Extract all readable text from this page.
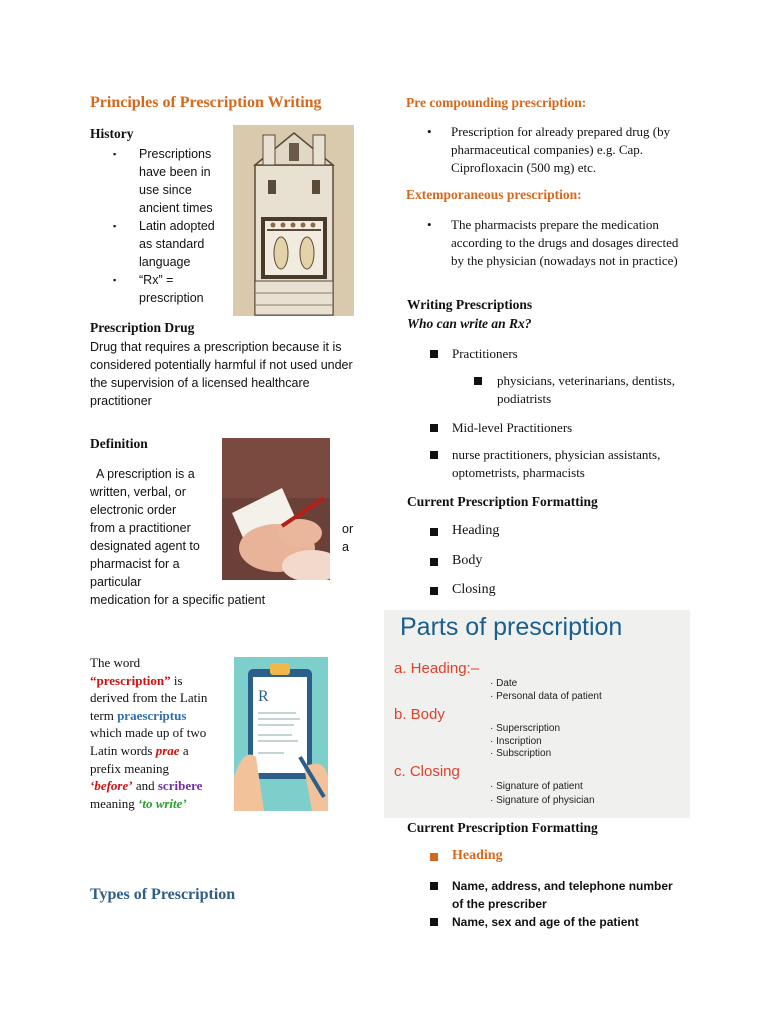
Principles of Prescription Writing
History
▪ Prescriptions have been in use since ancient times
▪ Latin adopted as standard language
▪ “Rx” = prescription
Prescription Drug
Drug that requires a prescription because it is considered potentially harmful if not used under the supervision of a licensed healthcare practitioner
Definition
A prescription is a
written, verbal, or
electronic order
from a practitioner
designated agent to
pharmacist for a
particular
medication for a specific patient
or
a
The word
“prescription” is
derived from the Latin
term praescriptus
which made up of two
Latin words prae a
prefix meaning
‘before’ and scribere
meaning ‘to write’
R
Types of Prescription
Pre compounding prescription:
•	Prescription for already prepared drug (by pharmaceutical companies) e.g. Cap. Ciprofloxacin (500 mg) etc.
Extemporaneous prescription:
•	The pharmacists prepare the medication according to the drugs and dosages directed by the physician (nowadays not in practice)
Writing Prescriptions
Who can write an Rx?
Practitioners
physicians, veterinarians, dentists, podiatrists
Mid-level Practitioners
nurse practitioners, physician assistants, optometrists, pharmacists
Current Prescription Formatting
Heading
Body
Closing
Parts of prescription
a. Heading:–
· Date
· Personal data of patient
b. Body
· Superscription
· Inscription
· Subscription
c. Closing
· Signature of patient
· Signature of physician
Current Prescription Formatting
Heading
Name, address, and telephone number of the prescriber
Name, sex and age of the patient
